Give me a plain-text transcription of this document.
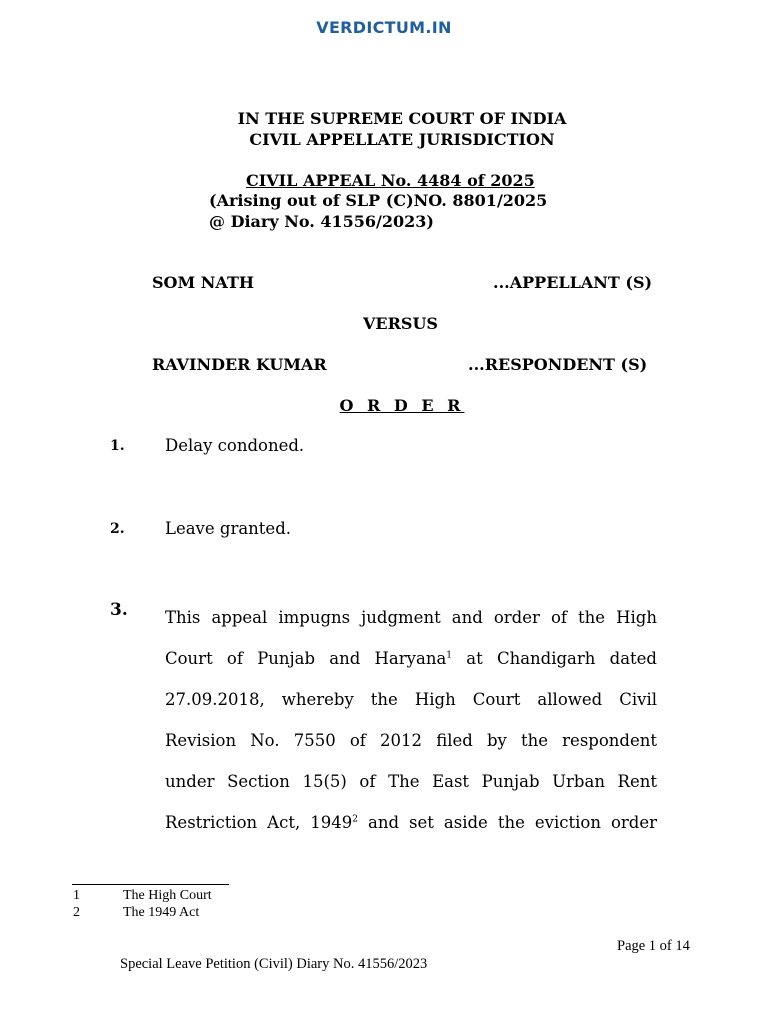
VERDICTUM.IN
IN THE SUPREME COURT OF INDIA
CIVIL APPELLATE JURISDICTION
CIVIL APPEAL No. 4484 of 2025
(Arising out of SLP (C)NO. 8801/2025
@ Diary No. 41556/2023)
SOM NATH	...APPELLANT (S)
VERSUS
RAVINDER KUMAR	...RESPONDENT (S)
O R D E R
1. Delay condoned.
2. Leave granted.
3. This appeal impugns judgment and order of the High
Court of Punjab and Haryana$^1$ at Chandigarh dated
27.09.2018, whereby the High Court allowed Civil
Revision No. 7550 of 2012 filed by the respondent
under Section 15(5) of The East Punjab Urban Rent
Restriction Act, 1949$^2$ and set aside the eviction order
1	The High Court
2	The 1949 Act
Page 1 of 14
Special Leave Petition (Civil) Diary No. 41556/2023
